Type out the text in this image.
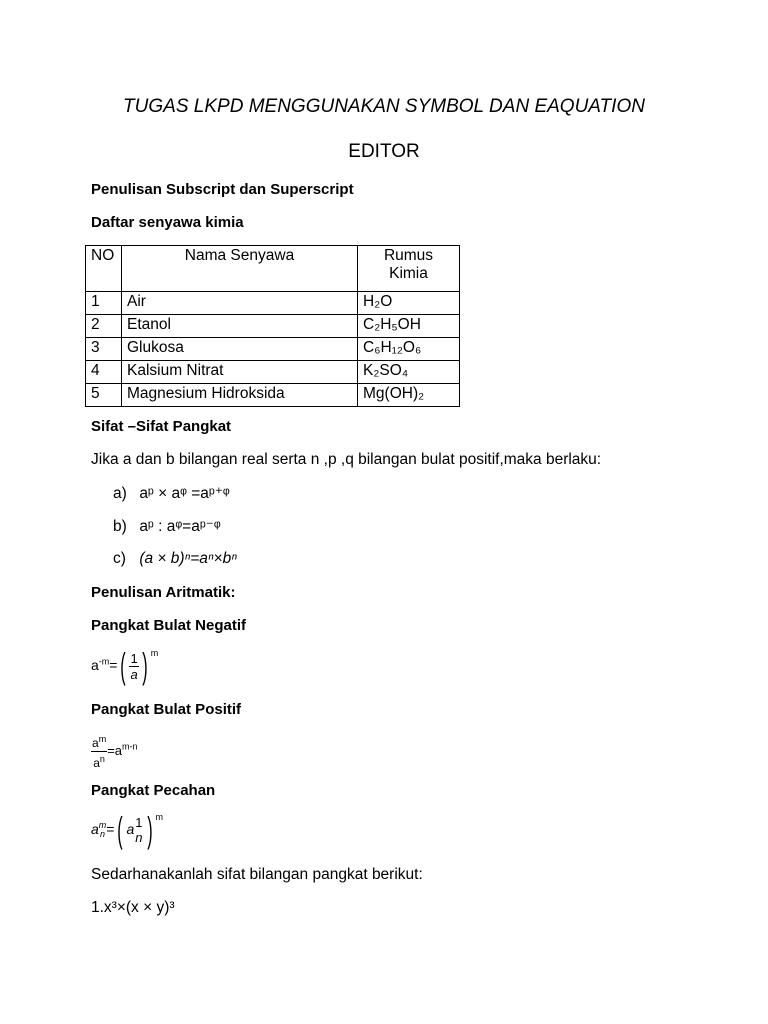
TUGAS LKPD MENGGUNAKAN SYMBOL DAN EAQUATION
EDITOR
Penulisan Subscript dan Superscript
Daftar senyawa kimia
NO	Nama Senyawa	Rumus
Kimia
1	Air	H₂O
2	Etanol	C₂H₅OH
3	Glukosa	C₆H₁₂O₆
4	Kalsium Nitrat	K₂SO₄
5	Magnesium Hidroksida	Mg(OH)₂
Sifat –Sifat Pangkat
Jika a dan b bilangan real serta n ,p ,q bilangan bulat positif,maka berlaku:
a) aᵖ × aᵠ =aᵖ⁺ᵠ
b) aᵖ : aᵠ=aᵖ⁻ᵠ
c) (a × b)ⁿ=aⁿ×bⁿ
Penulisan Aritmatik:
Pangkat Bulat Negatif
$a^{-m}=( \frac{1}{a}$ ) $^m$
Pangkat Bulat Positif
$\frac{a^m}{a^n} =a^{m-n}$
Pangkat Pecahan
a m
n =( a 1
n ) $^m$
Sedarhanakanlah sifat bilangan pangkat berikut:
1.x³×(x × y)³
